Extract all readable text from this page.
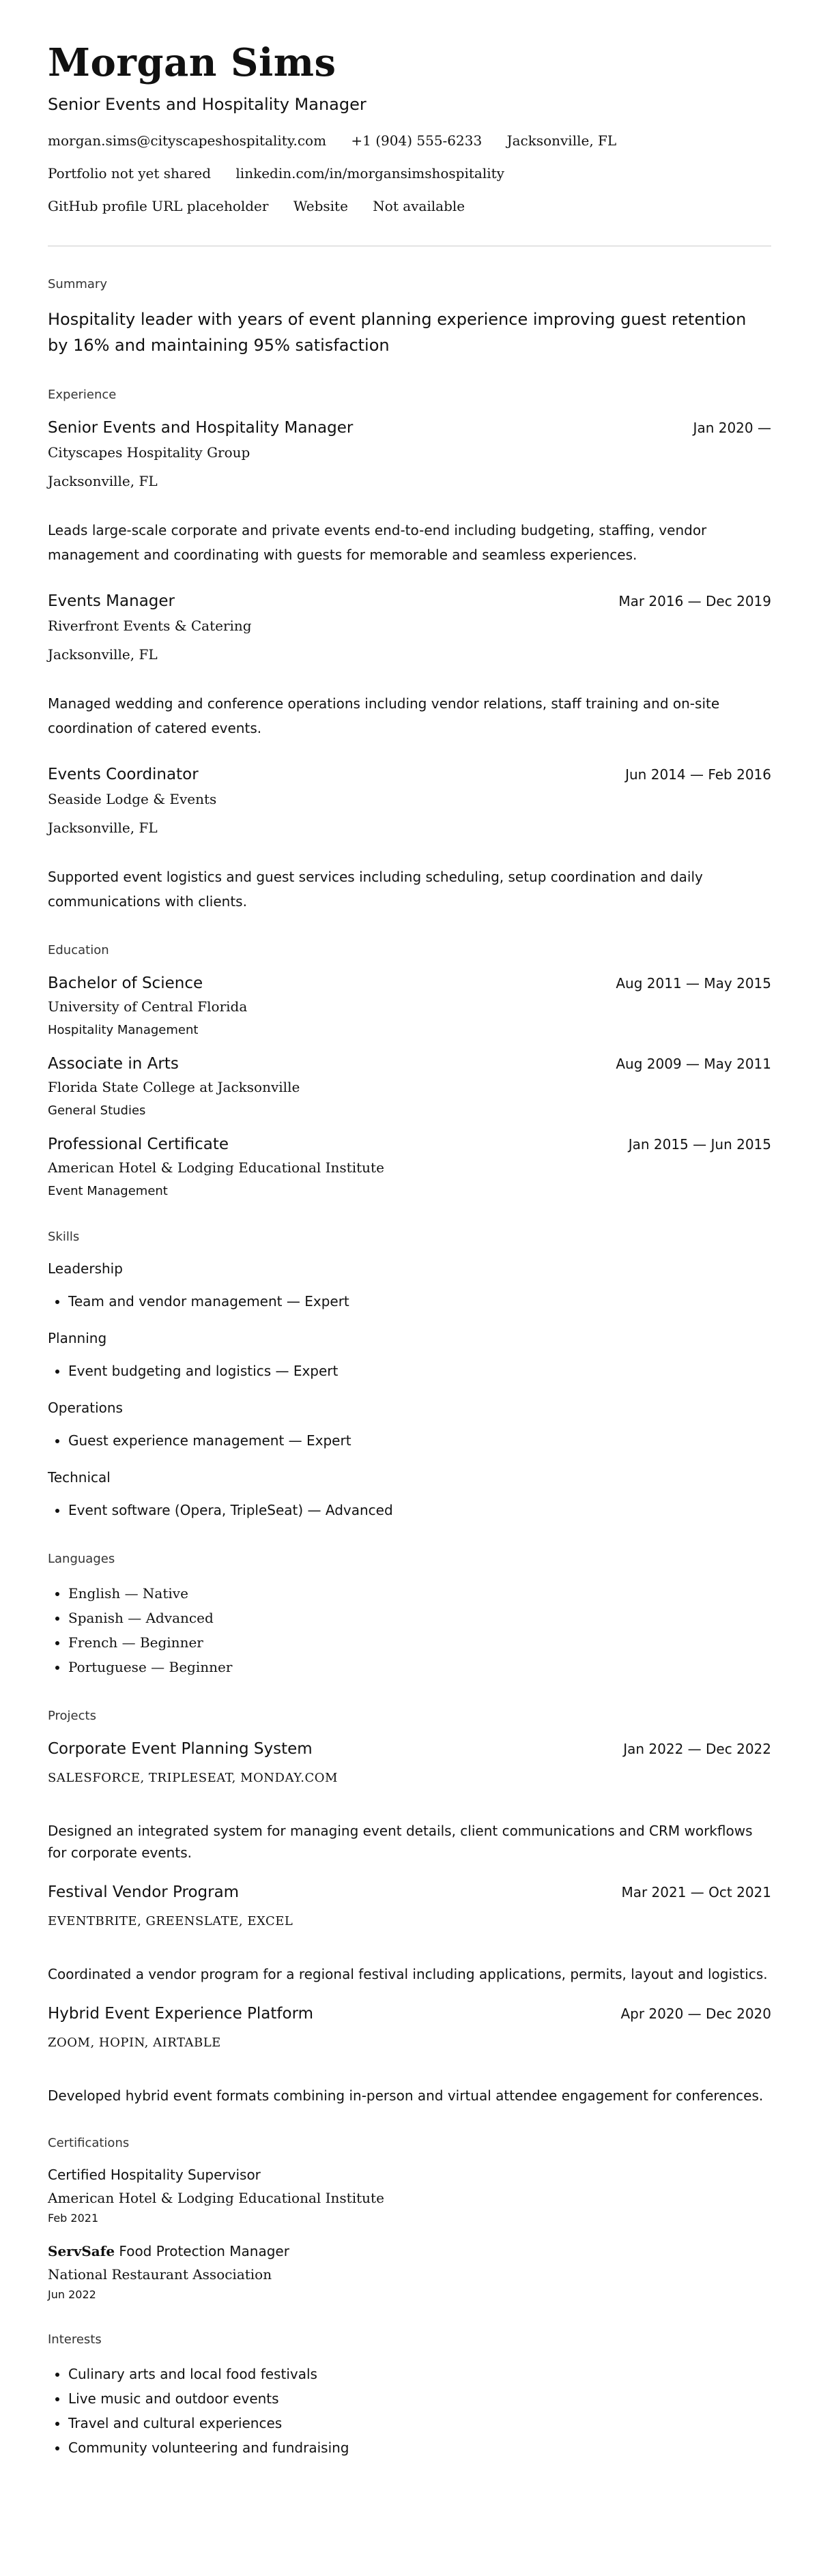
Morgan Sims
Senior Events and Hospitality Manager
morgan.sims@cityscapeshospitality.com +1 (904) 555-6233 Jacksonville, FL
Portfolio not yet shared linkedin.com/in/morgansimshospitality
GitHub profile URL placeholder Website Not available
Summary
Hospitality leader with years of event planning experience improving guest retention by 16% and maintaining 95% satisfaction
Experience
Senior Events and Hospitality Manager	Jan 2020 —
Cityscapes Hospitality Group
Jacksonville, FL
Leads large-scale corporate and private events end-to-end including budgeting, staffing, vendor management and coordinating with guests for memorable and seamless experiences.
Events Manager	Mar 2016 — Dec 2019
Riverfront Events & Catering
Jacksonville, FL
Managed wedding and conference operations including vendor relations, staff training and on-site coordination of catered events.
Events Coordinator	Jun 2014 — Feb 2016
Seaside Lodge & Events
Jacksonville, FL
Supported event logistics and guest services including scheduling, setup coordination and daily communications with clients.
Education
Bachelor of Science	Aug 2011 — May 2015
University of Central Florida
Hospitality Management
Associate in Arts	Aug 2009 — May 2011
Florida State College at Jacksonville
General Studies
Professional Certificate	Jan 2015 — Jun 2015
American Hotel & Lodging Educational Institute
Event Management
Skills
Leadership
• Team and vendor management — Expert
Planning
• Event budgeting and logistics — Expert
Operations
• Guest experience management — Expert
Technical
• Event software (Opera, TripleSeat) — Advanced
Languages
• English — Native
• Spanish — Advanced
• French — Beginner
• Portuguese — Beginner
Projects
Corporate Event Planning System	Jan 2022 — Dec 2022
SALESFORCE, TRIPLESEAT, MONDAY.COM
Designed an integrated system for managing event details, client communications and CRM workflows for corporate events.
Festival Vendor Program	Mar 2021 — Oct 2021
EVENTBRITE, GREENSLATE, EXCEL
Coordinated a vendor program for a regional festival including applications, permits, layout and logistics.
Hybrid Event Experience Platform	Apr 2020 — Dec 2020
ZOOM, HOPIN, AIRTABLE
Developed hybrid event formats combining in-person and virtual attendee engagement for conferences.
Certifications
Certified Hospitality Supervisor
American Hotel & Lodging Educational Institute
Feb 2021
ServSafe Food Protection Manager
National Restaurant Association
Jun 2022
Interests
• Culinary arts and local food festivals
• Live music and outdoor events
• Travel and cultural experiences
• Community volunteering and fundraising
